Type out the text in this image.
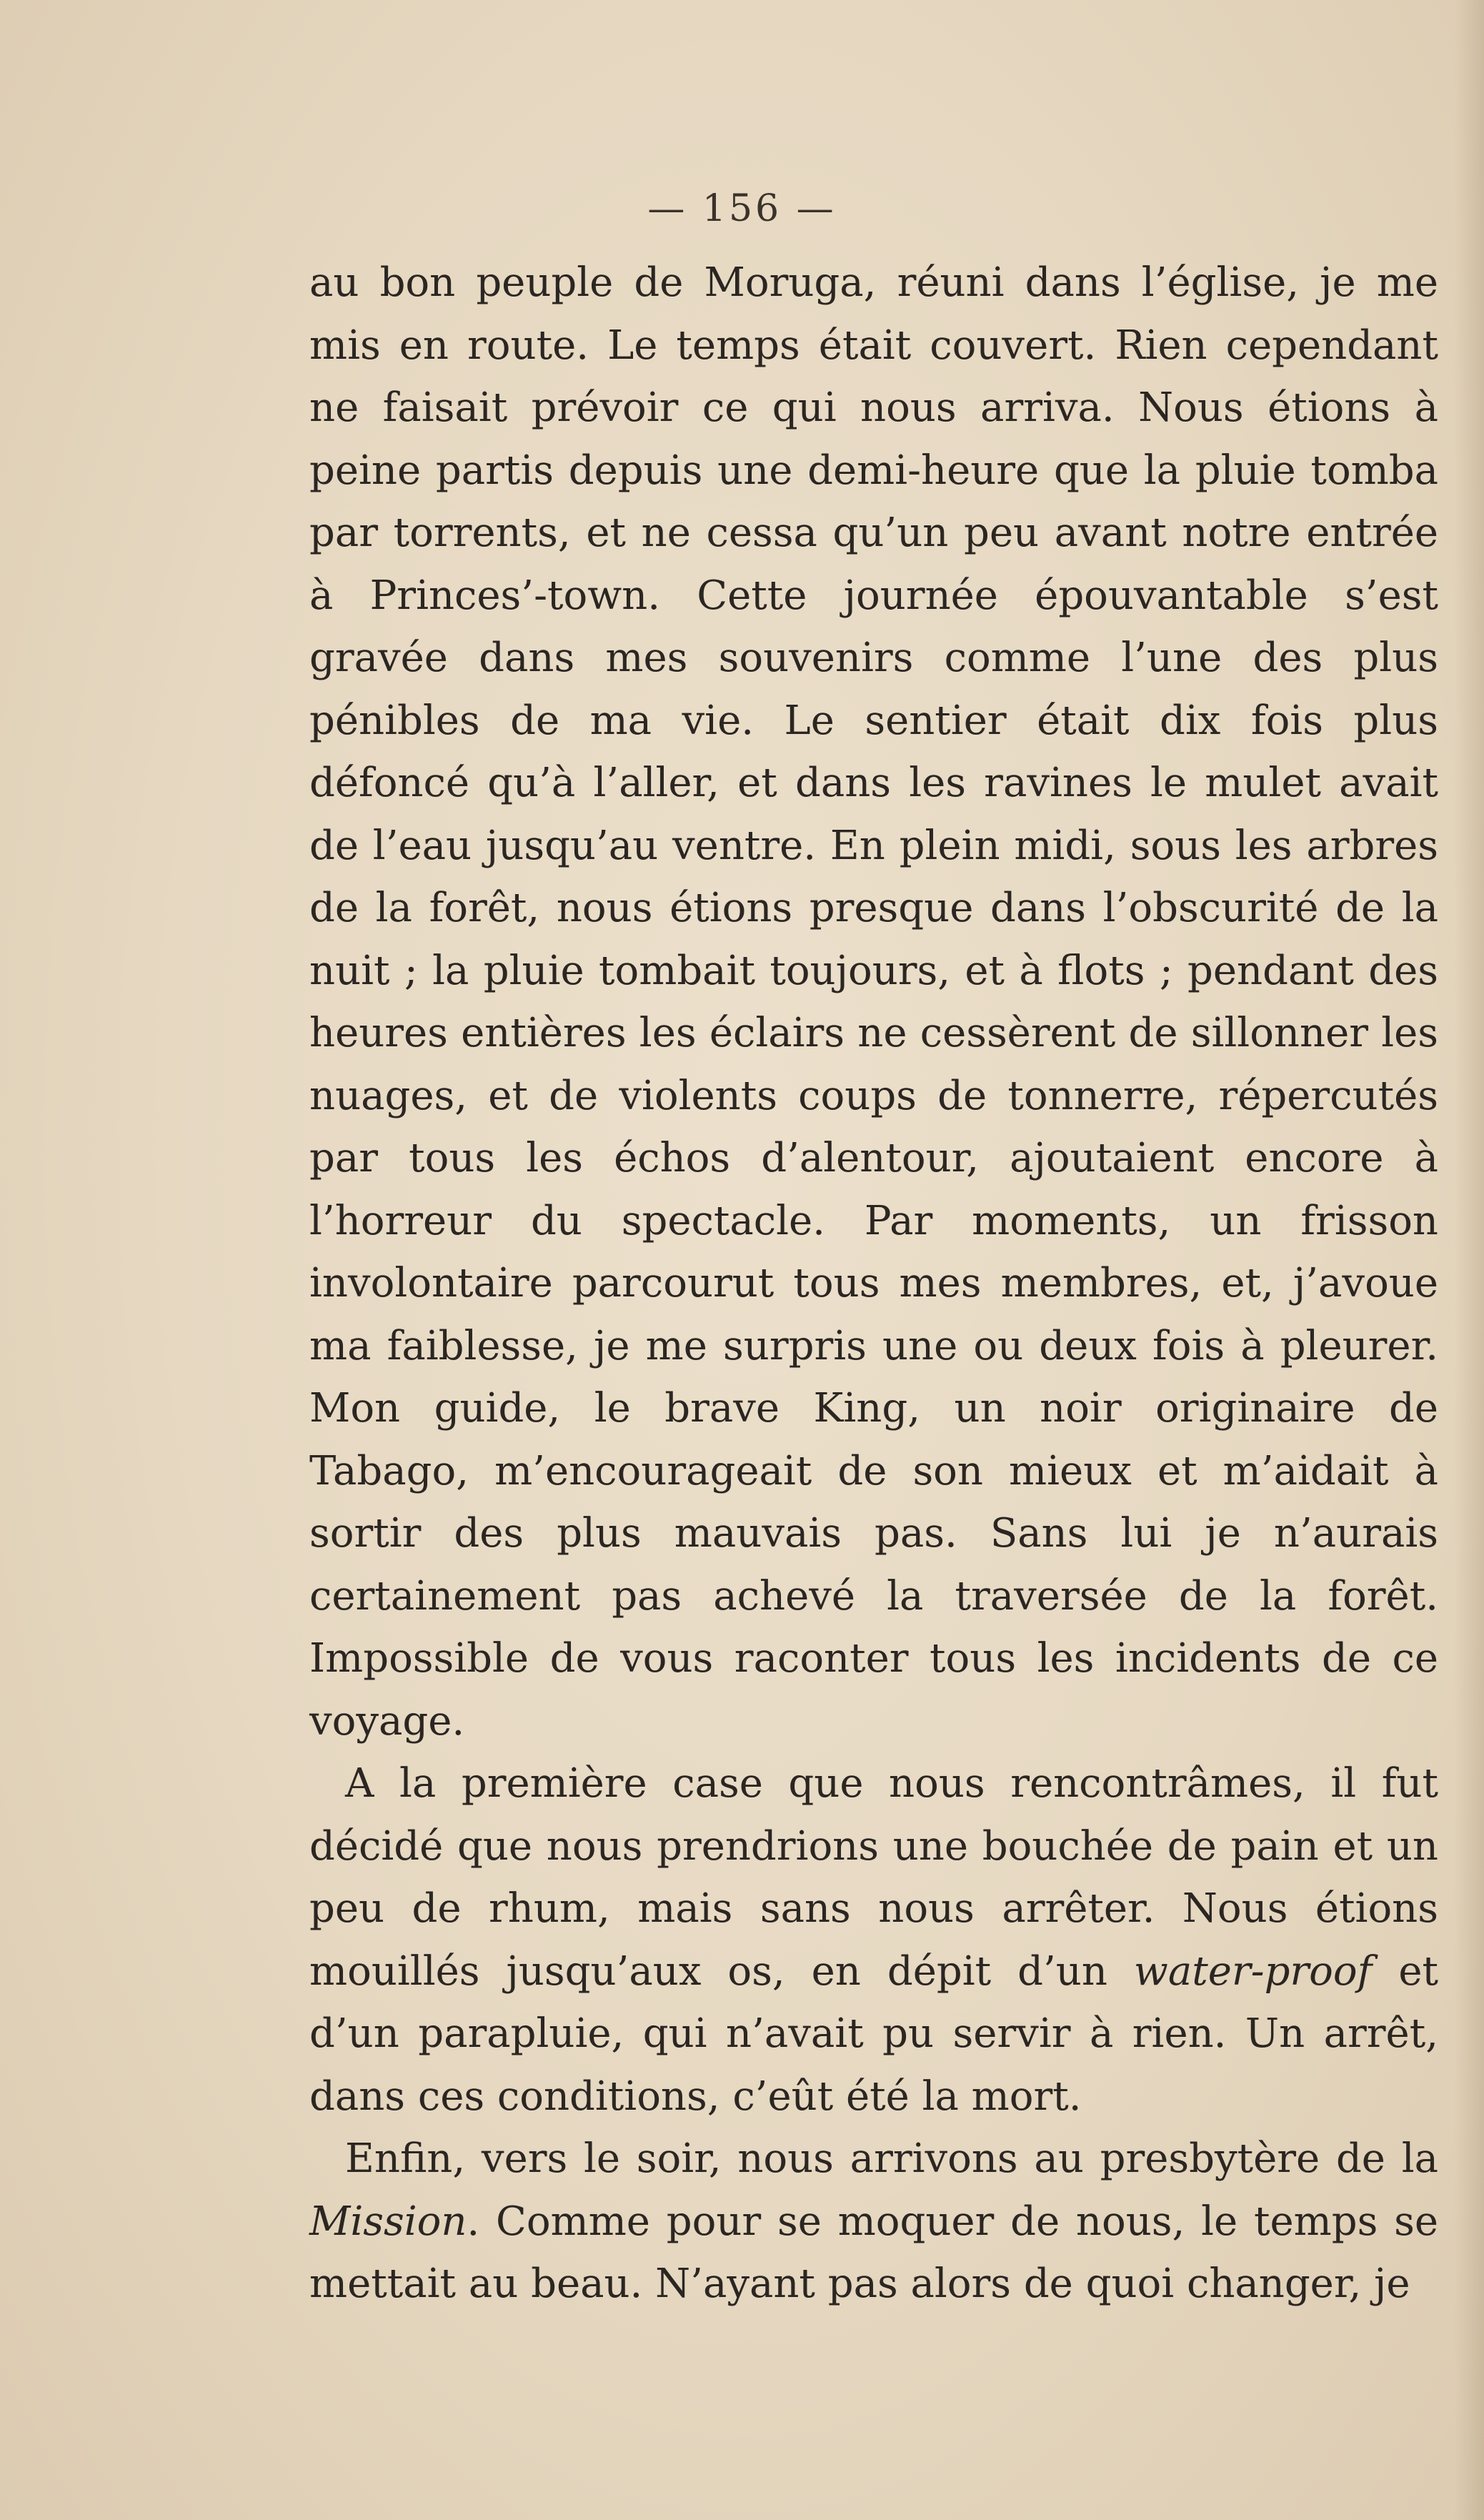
— 156 —

au bon peuple de Moruga, réuni dans l’église, je me mis en route. Le temps était couvert. Rien cependant ne faisait prévoir ce qui nous arriva. Nous étions à peine partis depuis une demi-heure que la pluie tomba par torrents, et ne cessa qu’un peu avant notre entrée à Princes’-town. Cette journée épouvantable s’est gravée dans mes souvenirs comme l’une des plus pénibles de ma vie. Le sentier était dix fois plus défoncé qu’à l’aller, et dans les ravines le mulet avait de l’eau jusqu’au ventre. En plein midi, sous les arbres de la forêt, nous étions presque dans l’obscurité de la nuit ; la pluie tombait toujours, et à flots ; pendant des heures entières les éclairs ne cessèrent de sillonner les nuages, et de violents coups de tonnerre, répercutés par tous les échos d’alentour, ajoutaient encore à l’horreur du spectacle. Par moments, un frisson involontaire parcourut tous mes membres, et, j’avoue ma faiblesse, je me surpris une ou deux fois à pleurer. Mon guide, le brave King, un noir originaire de Tabago, m’encourageait de son mieux et m’aidait à sortir des plus mauvais pas. Sans lui je n’aurais certainement pas achevé la traversée de la forêt. Impossible de vous raconter tous les incidents de ce voyage.

A la première case que nous rencontrâmes, il fut décidé que nous prendrions une bouchée de pain et un peu de rhum, mais sans nous arrêter. Nous étions mouillés jusqu’aux os, en dépit d’un water-proof et d’un parapluie, qui n’avait pu servir à rien. Un arrêt, dans ces conditions, c’eût été la mort.

Enfin, vers le soir, nous arrivons au presbytère de la Mission. Comme pour se moquer de nous, le temps se mettait au beau. N’ayant pas alors de quoi changer, je
